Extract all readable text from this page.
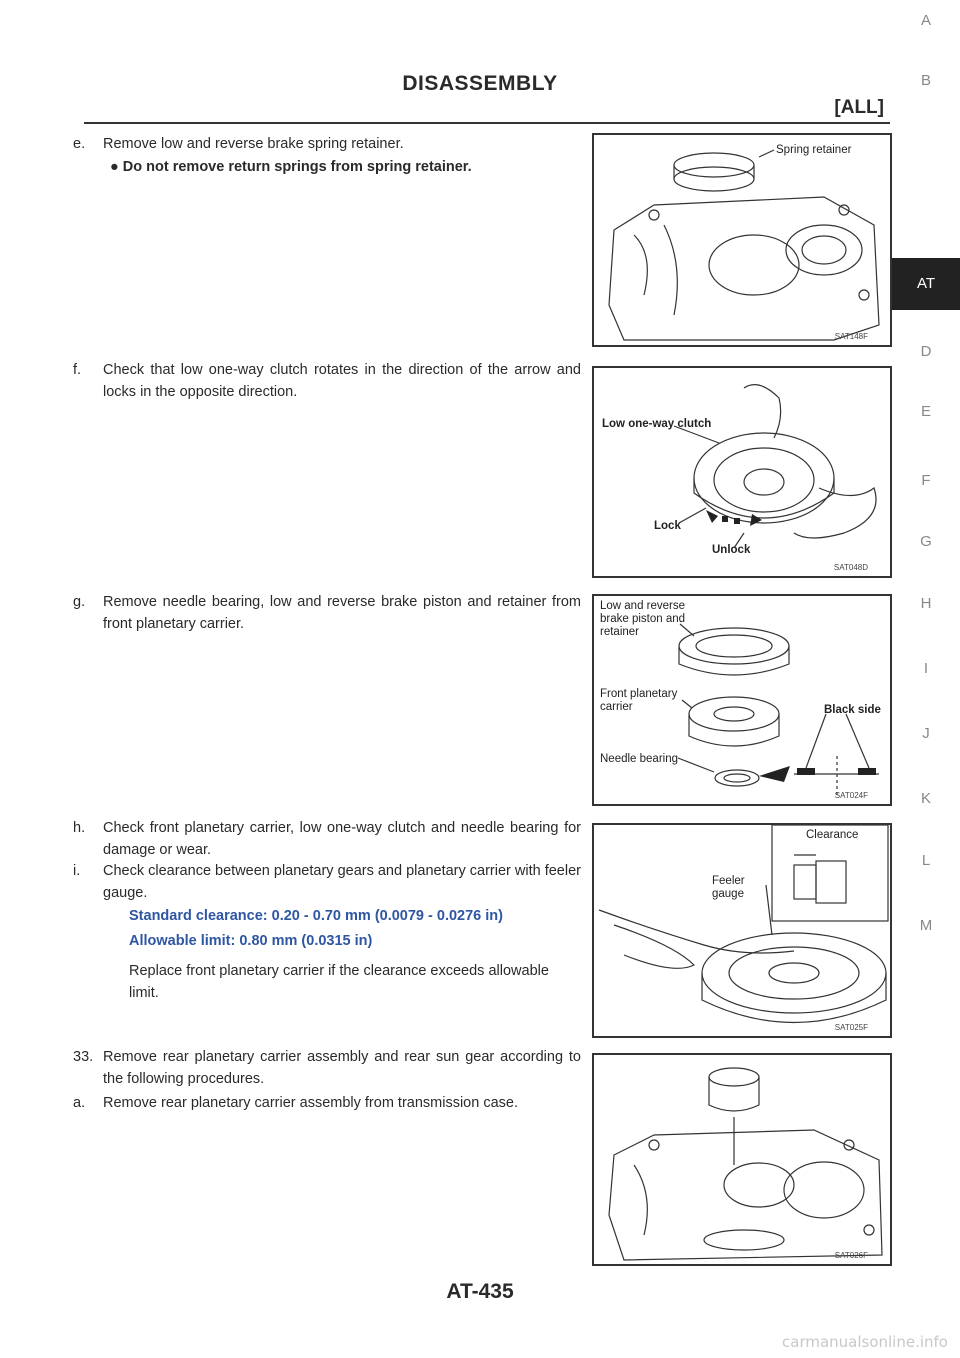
DISASSEMBLY
[ALL]
A
B
AT
D
E
F
G
H
I
J
K
L
M
e. Remove low and reverse brake spring retainer.
● Do not remove return springs from spring retainer.
f. Check that low one-way clutch rotates in the direction of the arrow and locks in the opposite direction.
g. Remove needle bearing, low and reverse brake piston and retainer from front planetary carrier.
h. Check front planetary carrier, low one-way clutch and needle bearing for damage or wear.
i. Check clearance between planetary gears and planetary carrier with feeler gauge.
Standard clearance: 0.20 - 0.70 mm (0.0079 - 0.0276 in)
Allowable limit: 0.80 mm (0.0315 in)
Replace front planetary carrier if the clearance exceeds allowable limit.
33. Remove rear planetary carrier assembly and rear sun gear according to the following procedures.
a. Remove rear planetary carrier assembly from transmission case.
Spring retainer
SAT148F
Low one-way clutch
Lock
Unlock
SAT048D
Low and reverse brake piston and retainer
Front planetary carrier	Black side
Needle bearing
SAT024F
Clearance
Feeler gauge
SAT025F
SAT026F
AT-435
carmanualsonline.info
